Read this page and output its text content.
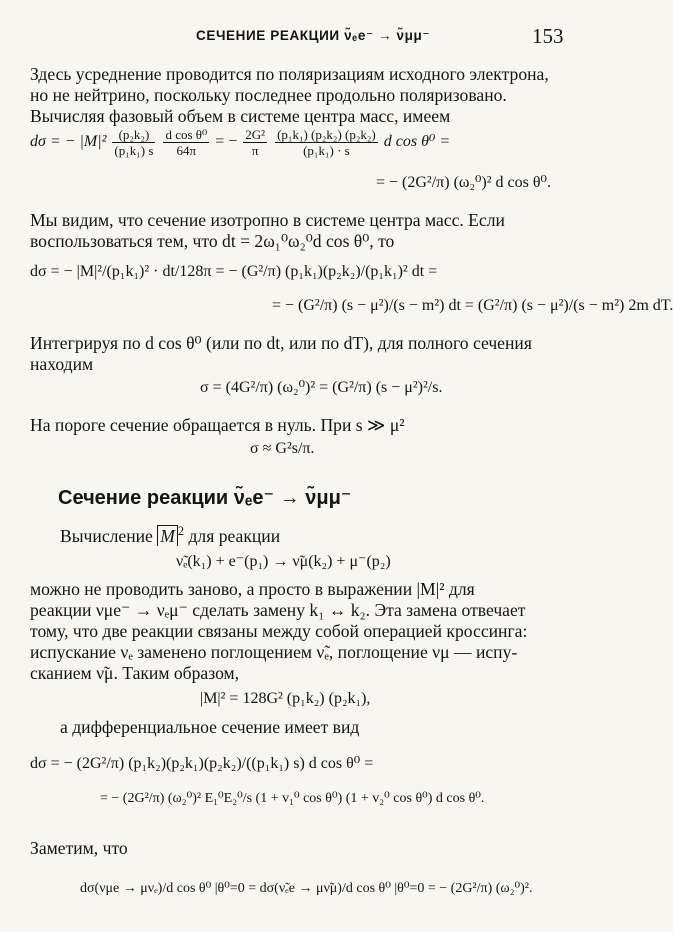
СЕЧЕНИЕ РЕАКЦИИ ν̃ₑe⁻ → ν̃μμ⁻	153
Здесь усреднение проводится по поляризациям исходного электрона,
но не нейтрино, поскольку последнее продольно поляризовано.
Вычисляя фазовый объем в системе центра масс, имеем
dσ = − $|M|^2 \frac{\text{(p₂k₂)}}{\text{(p₁k₁) s}}$
$\frac{\text{d cos θ⁰}}{64\pi}$ = − $\frac{\text{2G²}}{\pi}$
$\frac{\text{(p₁k₁) (p₂k₂) (p₂k₂)}}{\text{(p₁k₁) · s}}$ d cos θ⁰ =
= − (2G²/π) (ω₂⁰)² d cos θ⁰.
Мы видим, что сечение изотропно в системе центра масс. Если
воспользоваться тем, что dt = 2ω₁⁰ω₂⁰d cos θ⁰, то
dσ = − |M|²/(p₁k₁)² · dt/128π = − (G²/π) (p₁k₁)(p₂k₂)/(p₁k₁)² dt =
= − (G²/π) (s − μ²)/(s − m²) dt = (G²/π) (s − μ²)/(s − m²) 2m dT.
Интегрируя по d cos θ⁰ (или по dt, или по dT), для полного сечения
находим
σ = (4G²/π) (ω₂⁰)² = (G²/π) (s − μ²)²/s.
На пороге сечение обращается в нуль. При s ≫ μ²
σ ≈ G²s/π.
Сечение реакции ν̃ₑe⁻ → ν̃μμ⁻
Вычисление M $^2$ для реакции
ν̃ₑ(k₁) + e⁻(p₁) → ν̃μ(k₂) + μ⁻(p₂)
можно не проводить заново, а просто в выражении |M|² для
реакции νμe⁻ → νₑμ⁻ сделать замену k₁ ↔ k₂. Эта замена отвечает
тому, что две реакции связаны между собой операцией кроссинга:
испускание νₑ заменено поглощением ν̃ₑ, поглощение νμ — испу-
сканием ν̃μ. Таким образом,
|M|² = 128G² (p₁k₂) (p₂k₁),
а дифференциальное сечение имеет вид
dσ = − (2G²/π) (p₁k₂)(p₂k₁)(p₂k₂)/((p₁k₁) s) d cos θ⁰ =
= − (2G²/π) (ω₂⁰)² E₁⁰E₂⁰/s (1 + v₁⁰ cos θ⁰) (1 + v₂⁰ cos θ⁰) d cos θ⁰.
Заметим, что
dσ(νμe → μνₑ)/d cos θ⁰ |θ⁰=0 = dσ(ν̃ₑe → μν̃μ)/d cos θ⁰ |θ⁰=0 = − (2G²/π) (ω₂⁰)².
